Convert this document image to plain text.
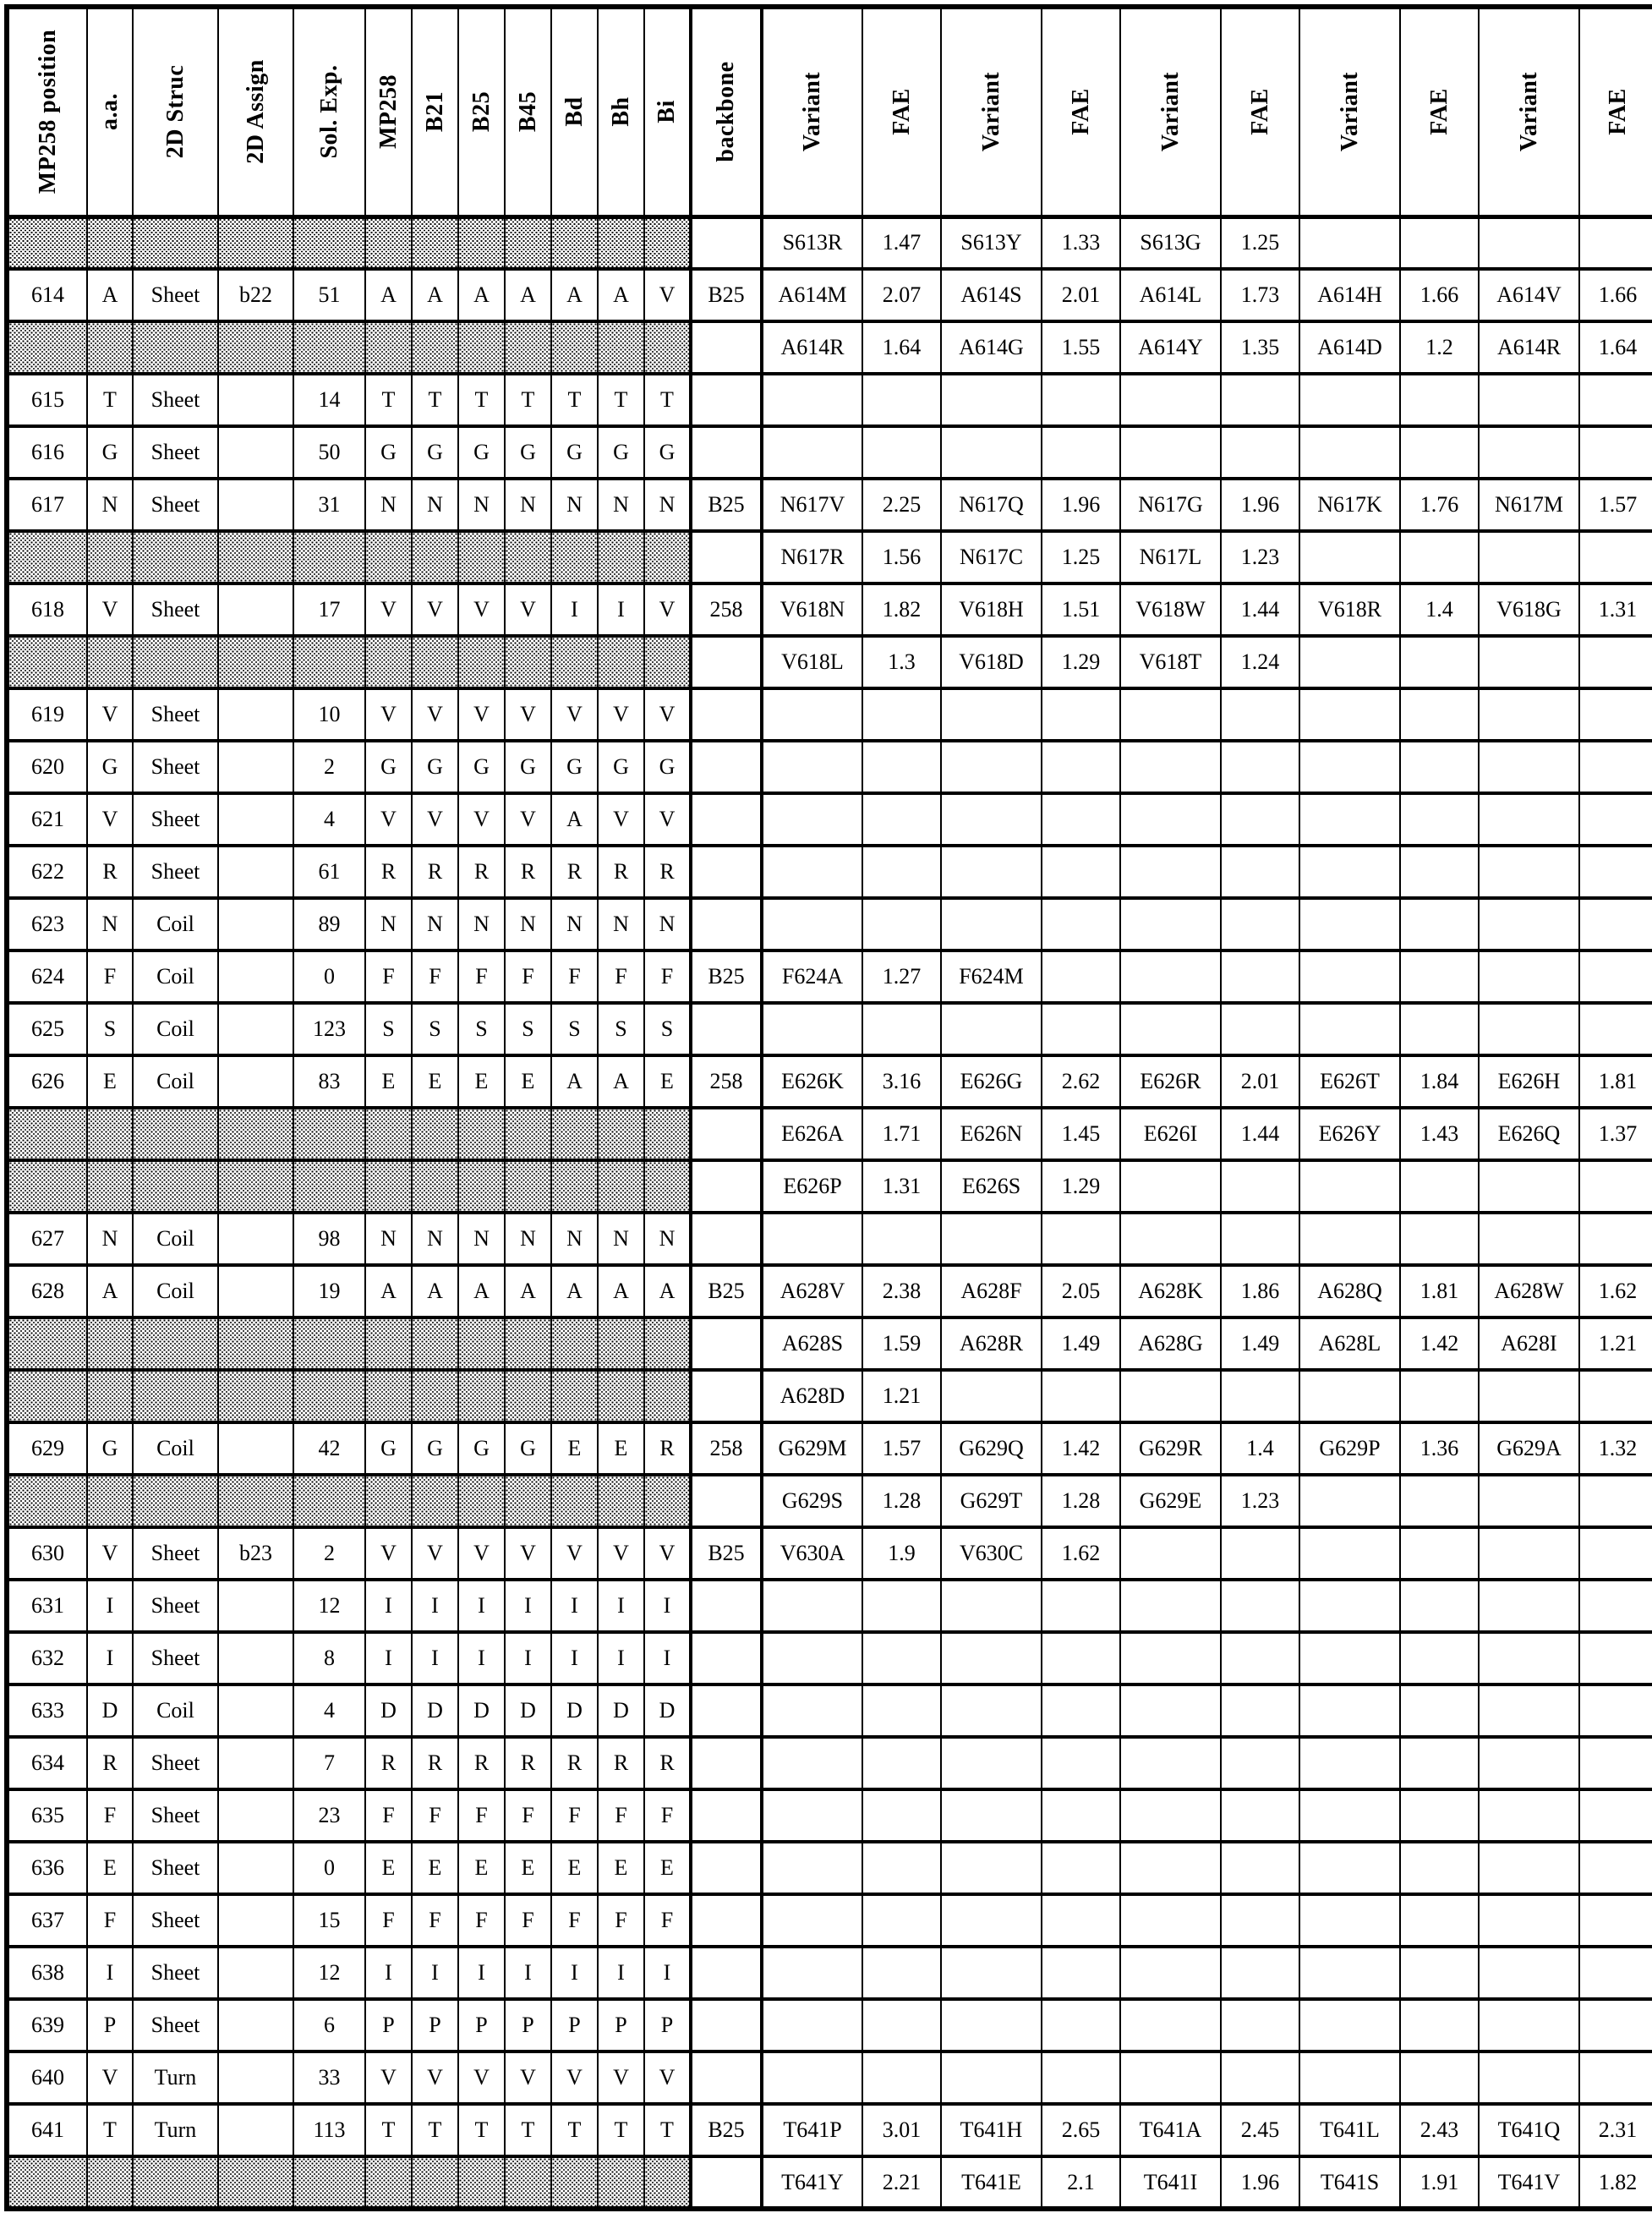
MP258 position	a.a.	2D Struc	2D Assign	Sol. Exp.	MP258	B21	B25	B45	Bd	Bh	Bi	backbone	Variant	FAE	Variant	FAE	Variant	FAE	Variant	FAE	Variant	FAE

													S613R	1.47	S613Y	1.33	S613G	1.25				
614	A	Sheet	b22	51	A	A	A	A	A	A	V	B25	A614M	2.07	A614S	2.01	A614L	1.73	A614H	1.66	A614V	1.66
													A614R	1.64	A614G	1.55	A614Y	1.35	A614D	1.2	A614R	1.64
615	T	Sheet		14	T	T	T	T	T	T	T											
616	G	Sheet		50	G	G	G	G	G	G	G											
617	N	Sheet		31	N	N	N	N	N	N	N	B25	N617V	2.25	N617Q	1.96	N617G	1.96	N617K	1.76	N617M	1.57
													N617R	1.56	N617C	1.25	N617L	1.23				
618	V	Sheet		17	V	V	V	V	I	I	V	258	V618N	1.82	V618H	1.51	V618W	1.44	V618R	1.4	V618G	1.31
													V618L	1.3	V618D	1.29	V618T	1.24				
619	V	Sheet		10	V	V	V	V	V	V	V											
620	G	Sheet		2	G	G	G	G	G	G	G											
621	V	Sheet		4	V	V	V	V	A	V	V											
622	R	Sheet		61	R	R	R	R	R	R	R											
623	N	Coil		89	N	N	N	N	N	N	N											
624	F	Coil		0	F	F	F	F	F	F	F	B25	F624A	1.27	F624M							
625	S	Coil		123	S	S	S	S	S	S	S											
626	E	Coil		83	E	E	E	E	A	A	E	258	E626K	3.16	E626G	2.62	E626R	2.01	E626T	1.84	E626H	1.81
													E626A	1.71	E626N	1.45	E626I	1.44	E626Y	1.43	E626Q	1.37
													E626P	1.31	E626S	1.29						
627	N	Coil		98	N	N	N	N	N	N	N											
628	A	Coil		19	A	A	A	A	A	A	A	B25	A628V	2.38	A628F	2.05	A628K	1.86	A628Q	1.81	A628W	1.62
													A628S	1.59	A628R	1.49	A628G	1.49	A628L	1.42	A628I	1.21
													A628D	1.21								
629	G	Coil		42	G	G	G	G	E	E	R	258	G629M	1.57	G629Q	1.42	G629R	1.4	G629P	1.36	G629A	1.32
													G629S	1.28	G629T	1.28	G629E	1.23				
630	V	Sheet	b23	2	V	V	V	V	V	V	V	B25	V630A	1.9	V630C	1.62						
631	I	Sheet		12	I	I	I	I	I	I	I											
632	I	Sheet		8	I	I	I	I	I	I	I											
633	D	Coil		4	D	D	D	D	D	D	D											
634	R	Sheet		7	R	R	R	R	R	R	R											
635	F	Sheet		23	F	F	F	F	F	F	F											
636	E	Sheet		0	E	E	E	E	E	E	E											
637	F	Sheet		15	F	F	F	F	F	F	F											
638	I	Sheet		12	I	I	I	I	I	I	I											
639	P	Sheet		6	P	P	P	P	P	P	P											
640	V	Turn		33	V	V	V	V	V	V	V											
641	T	Turn		113	T	T	T	T	T	T	T	B25	T641P	3.01	T641H	2.65	T641A	2.45	T641L	2.43	T641Q	2.31
													T641Y	2.21	T641E	2.1	T641I	1.96	T641S	1.91	T641V	1.82
